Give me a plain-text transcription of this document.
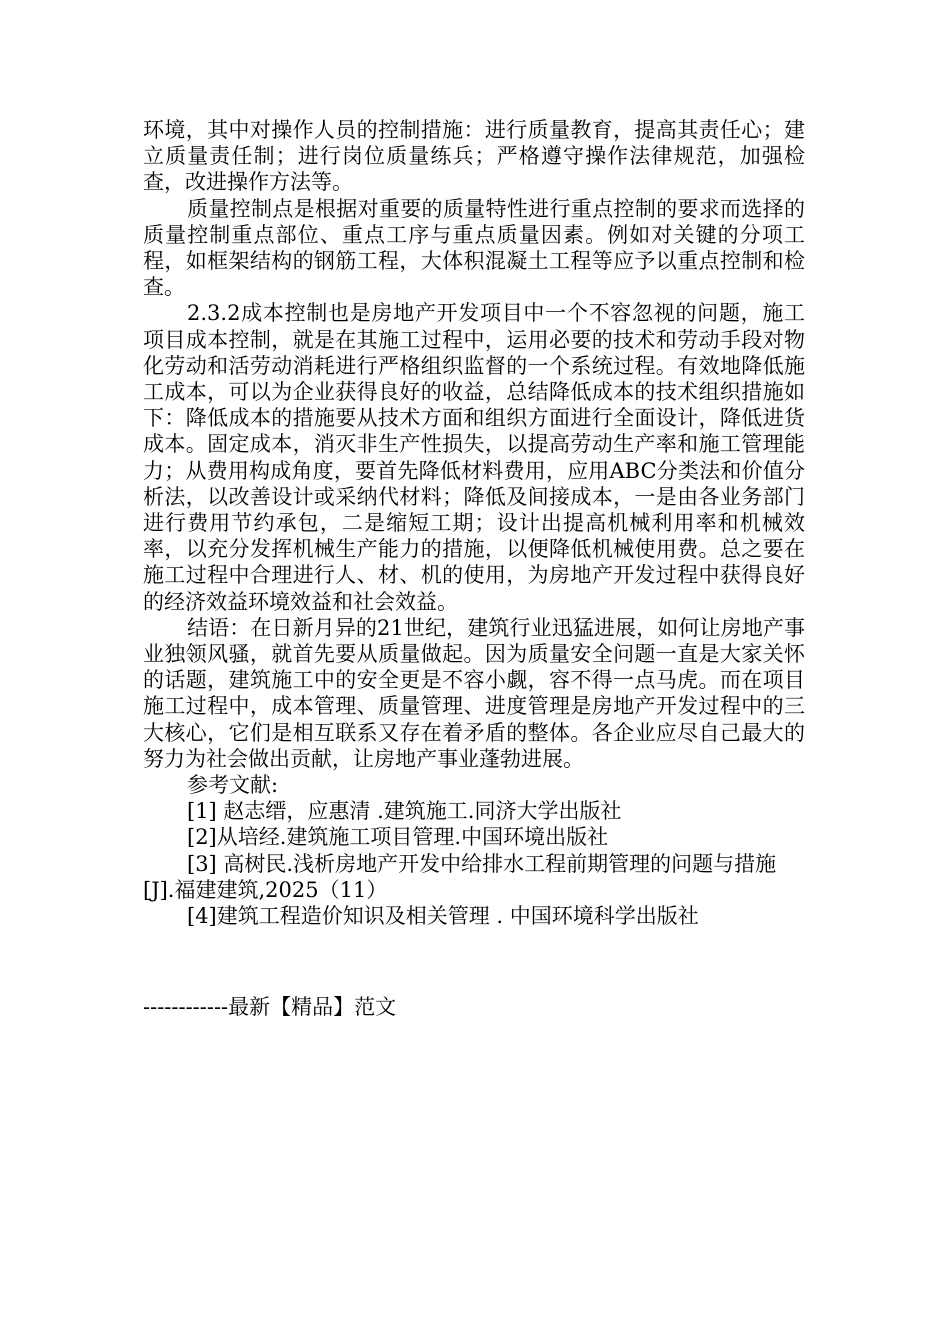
环境，其中对操作人员的控制措施：进行质量教育，提高其责任心；建立质量责任制；进行岗位质量练兵；严格遵守操作法律规范，加强检查，改进操作方法等。

质量控制点是根据对重要的质量特性进行重点控制的要求而选择的质量控制重点部位、重点工序与重点质量因素。例如对关键的分项工程，如框架结构的钢筋工程，大体积混凝土工程等应予以重点控制和检查。

2.3.2成本控制也是房地产开发项目中一个不容忽视的问题，施工项目成本控制，就是在其施工过程中，运用必要的技术和劳动手段对物化劳动和活劳动消耗进行严格组织监督的一个系统过程。有效地降低施工成本，可以为企业获得良好的收益，总结降低成本的技术组织措施如下：降低成本的措施要从技术方面和组织方面进行全面设计，降低进货成本。固定成本，消灭非生产性损失，以提高劳动生产率和施工管理能力；从费用构成角度，要首先降低材料费用，应用ABC分类法和价值分析法，以改善设计或采纳代材料；降低及间接成本，一是由各业务部门进行费用节约承包，二是缩短工期；设计出提高机械利用率和机械效率，以充分发挥机械生产能力的措施，以便降低机械使用费。总之要在施工过程中合理进行人、材、机的使用，为房地产开发过程中获得良好的经济效益环境效益和社会效益。

结语：在日新月异的21世纪，建筑行业迅猛进展，如何让房地产事业独领风骚，就首先要从质量做起。因为质量安全问题一直是大家关怀的话题，建筑施工中的安全更是不容小觑，容不得一点马虎。而在项目施工过程中，成本管理、质量管理、进度管理是房地产开发过程中的三大核心，它们是相互联系又存在着矛盾的整体。各企业应尽自己最大的努力为社会做出贡献，让房地产事业蓬勃进展。

参考文献:

[1] 赵志缙，应惠清 .建筑施工.同济大学出版社

[2]从培经.建筑施工项目管理.中国环境出版社

[3] 高树民.浅析房地产开发中给排水工程前期管理的问题与措施[J].福建建筑,2025（11）

[4]建筑工程造价知识及相关管理 . 中国环境科学出版社

------------最新【精品】范文
